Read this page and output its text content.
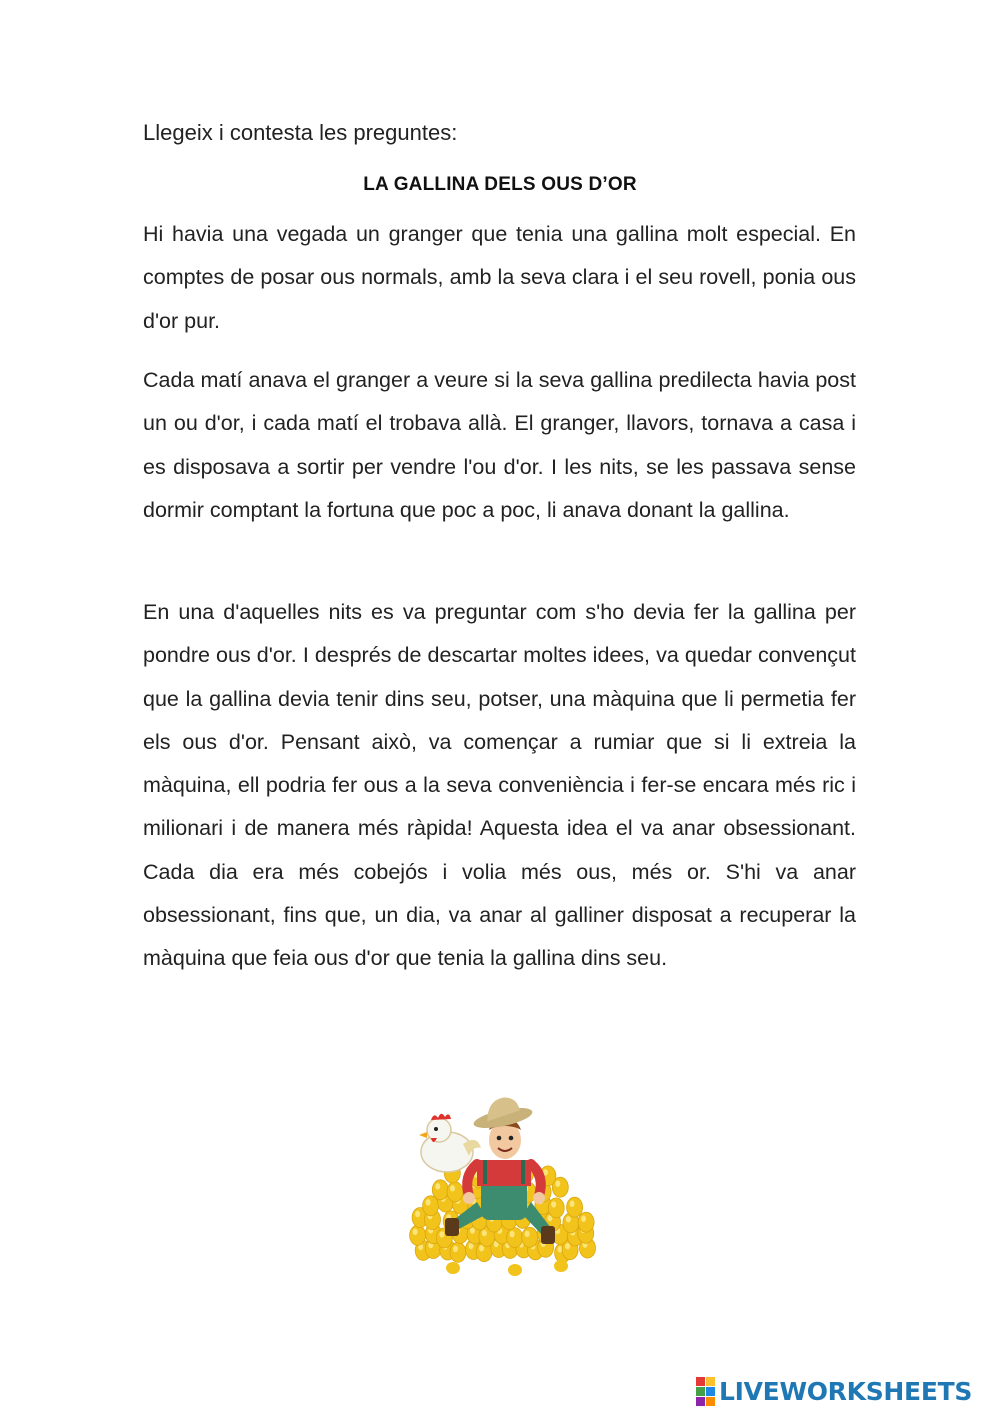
Llegeix i contesta les preguntes:
LA GALLINA DELS OUS D’OR

Hi havia una vegada un granger que tenia una gallina molt especial. En comptes de posar ous normals, amb la seva clara i el seu rovell, ponia ous d'or pur.

Cada matí anava el granger a veure si la seva gallina predilecta havia post un ou d'or, i cada matí el trobava allà. El granger, llavors, tornava a casa i es disposava a sortir per vendre l'ou d'or. I les nits, se les passava sense dormir comptant la fortuna que poc a poc, li anava donant la gallina.

En una d'aquelles nits es va preguntar com s'ho devia fer la gallina per pondre ous d'or. I després de descartar moltes idees, va quedar convençut que la gallina devia tenir dins seu, potser, una màquina que li permetia fer els ous d'or. Pensant això, va començar a rumiar que si li extreia la màquina, ell podria fer ous a la seva conveniència i fer-se encara més ric i milionari i de manera més ràpida! Aquesta idea el va anar obsessionant. Cada dia era més cobejós i volia més ous, més or. S'hi va anar obsessionant, fins que, un dia, va anar al galliner disposat a recuperar la màquina que feia ous d'or que tenia la gallina dins seu.

LIVEWORKSHEETS
